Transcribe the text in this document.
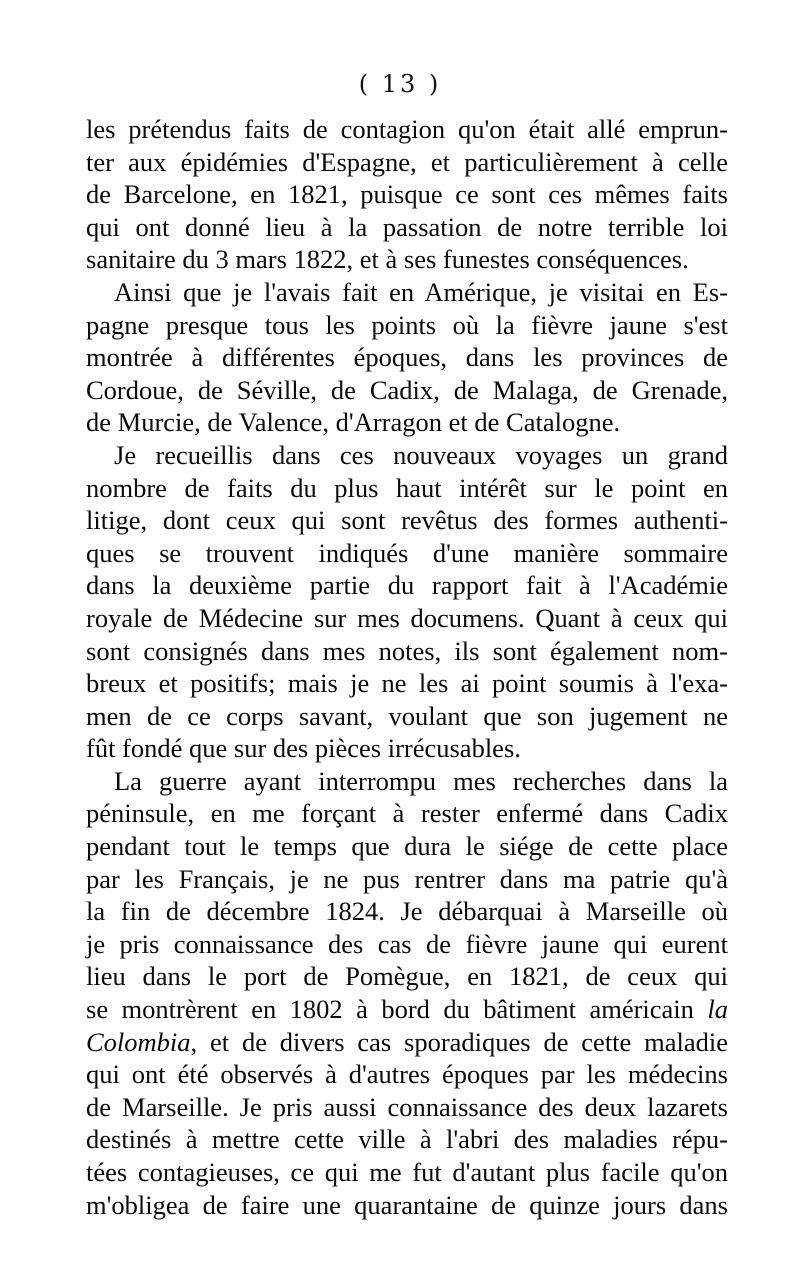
( 13 )
les prétendus faits de contagion qu'on était allé emprun-
ter aux épidémies d'Espagne, et particulièrement à celle
de Barcelone, en 1821, puisque ce sont ces mêmes faits
qui ont donné lieu à la passation de notre terrible loi
sanitaire du 3 mars 1822, et à ses funestes conséquences.
Ainsi que je l'avais fait en Amérique, je visitai en Es-
pagne presque tous les points où la fièvre jaune s'est
montrée à différentes époques, dans les provinces de
Cordoue, de Séville, de Cadix, de Malaga, de Grenade,
de Murcie, de Valence, d'Arragon et de Catalogne.
Je recueillis dans ces nouveaux voyages un grand
nombre de faits du plus haut intérêt sur le point en
litige, dont ceux qui sont revêtus des formes authenti-
ques se trouvent indiqués d'une manière sommaire
dans la deuxième partie du rapport fait à l'Académie
royale de Médecine sur mes documens. Quant à ceux qui
sont consignés dans mes notes, ils sont également nom-
breux et positifs; mais je ne les ai point soumis à l'exa-
men de ce corps savant, voulant que son jugement ne
fût fondé que sur des pièces irrécusables.
La guerre ayant interrompu mes recherches dans la
péninsule, en me forçant à rester enfermé dans Cadix
pendant tout le temps que dura le siége de cette place
par les Français, je ne pus rentrer dans ma patrie qu'à
la fin de décembre 1824. Je débarquai à Marseille où
je pris connaissance des cas de fièvre jaune qui eurent
lieu dans le port de Pomègue, en 1821, de ceux qui
se montrèrent en 1802 à bord du bâtiment américain la
Colombia, et de divers cas sporadiques de cette maladie
qui ont été observés à d'autres époques par les médecins
de Marseille. Je pris aussi connaissance des deux lazarets
destinés à mettre cette ville à l'abri des maladies répu-
tées contagieuses, ce qui me fut d'autant plus facile qu'on
m'obligea de faire une quarantaine de quinze jours dans
